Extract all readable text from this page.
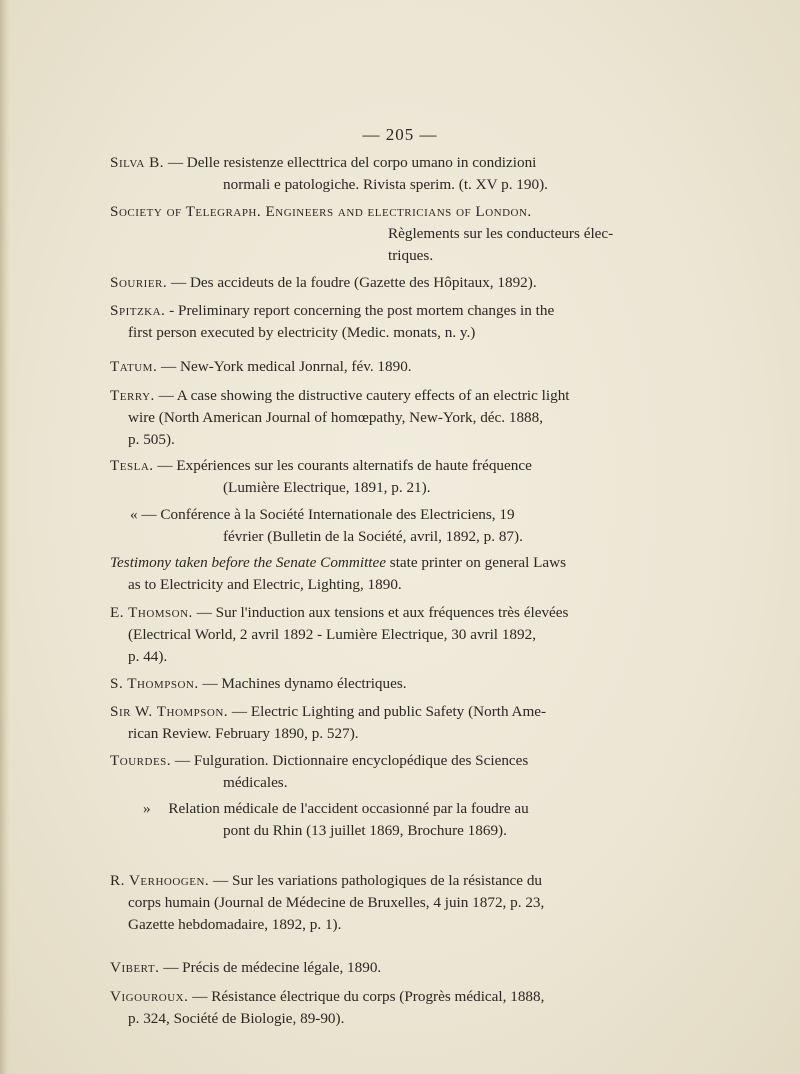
— 205 —
Silva B. — Delle resistenze ellecttrica del corpo umano in condizioni
normali e patologiche. Rivista sperim. (t. XV p. 190).
Society of Telegraph. Engineers and electricians of London.
Règlements sur les conducteurs élec-
triques.
Sourier. — Des accideuts de la foudre (Gazette des Hôpitaux, 1892).
Spitzka. - Preliminary report concerning the post mortem changes in the
first person executed by electricity (Medic. monats, n. y.)
Tatum. — New-York medical Jonrnal, fév. 1890.
Terry. — A case showing the distructive cautery effects of an electric light
wire (North American Journal of homœpathy, New-York, déc. 1888,
p. 505).
Tesla. — Expériences sur les courants alternatifs de haute fréquence
(Lumière Electrique, 1891, p. 21).
« — Conférence à la Société Internationale des Electriciens, 19
février (Bulletin de la Société, avril, 1892, p. 87).
Testimony taken before the Senate Committee state printer on general Laws
as to Electricity and Electric, Lighting, 1890.
E. Thomson. — Sur l'induction aux tensions et aux fréquences très élevées
(Electrical World, 2 avril 1892 - Lumière Electrique, 30 avril 1892,
p. 44).
S. Thompson. — Machines dynamo électriques.
Sir W. Thompson. — Electric Lighting and public Safety (North Ame-
rican Review. February 1890, p. 527).
Tourdes. — Fulguration. Dictionnaire encyclopédique des Sciences
médicales.
» Relation médicale de l'accident occasionné par la foudre au
pont du Rhin (13 juillet 1869, Brochure 1869).
R. Verhoogen. — Sur les variations pathologiques de la résistance du
corps humain (Journal de Médecine de Bruxelles, 4 juin 1872, p. 23,
Gazette hebdomadaire, 1892, p. 1).
Vibert. — Précis de médecine légale, 1890.
Vigouroux. — Résistance électrique du corps (Progrès médical, 1888,
p. 324, Société de Biologie, 89-90).
